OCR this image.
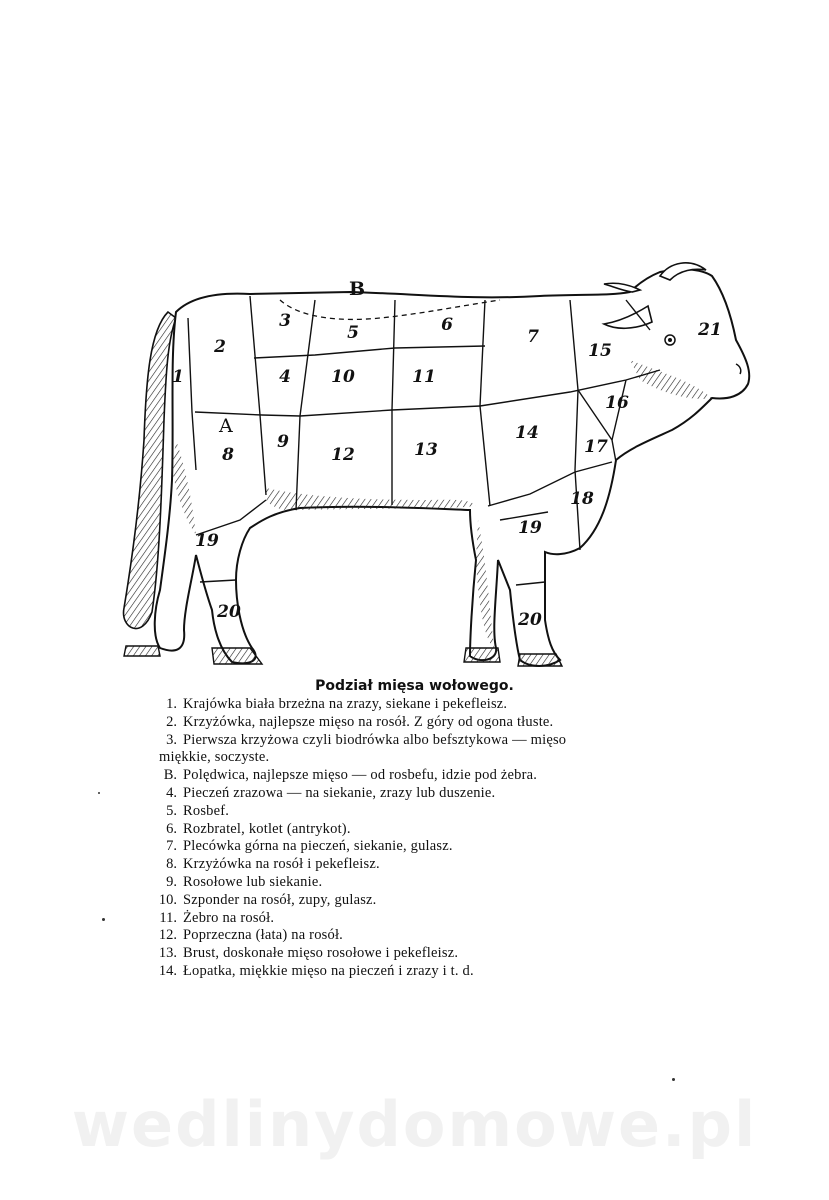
1
2
3
4
5	6
7
8
9
10	11
12	13
14
15
16
17
18
19
19
20	20
21
A
B
Podział mięsa wołowego.
1. Krajówka biała brzeżna na zrazy, siekane i pekefleisz.
2. Krzyżówka, najlepsze mięso na rosół. Z góry od ogona tłuste.
3. Pierwsza krzyżowa czyli biodrówka albo befsztykowa — mięso
miękkie, soczyste.
B. Polędwica, najlepsze mięso — od rosbefu, idzie pod żebra.
4. Pieczeń zrazowa — na siekanie, zrazy lub duszenie.
5. Rosbef.
6. Rozbratel, kotlet (antrykot).
7. Plecówka górna na pieczeń, siekanie, gulasz.
8. Krzyżówka na rosół i pekefleisz.
9. Rosołowe lub siekanie.
10. Szponder na rosół, zupy, gulasz.
11. Żebro na rosół.
12. Poprzeczna (łata) na rosół.
13. Brust, doskonałe mięso rosołowe i pekefleisz.
14. Łopatka, miękkie mięso na pieczeń i zrazy i t. d.
wedlinydomowe.pl
